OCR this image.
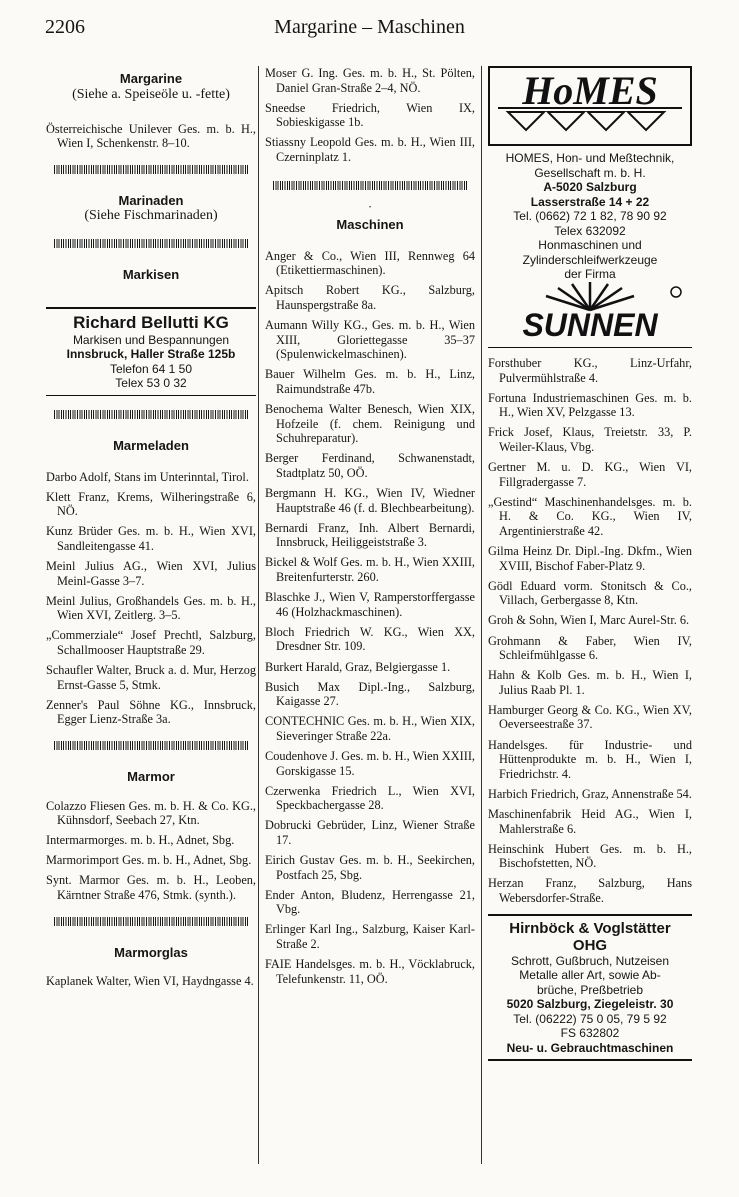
2206	Margarine – Maschinen
Margarine
(Siehe a. Speiseöle u. -fette)
Österreichische Unilever Ges. m. b. H., Wien I, Schenkenstr. 8–10.
Marinaden
(Siehe Fischmarinaden)
Markisen
Richard Bellutti KG
Markisen und Bespannungen
Innsbruck, Haller Straße 125b
Telefon 64 1 50
Telex 53 0 32
Marmeladen
Darbo Adolf, Stans im Unterinntal, Tirol.
Klett Franz, Krems, Wilheringstraße 6, NÖ.
Kunz Brüder Ges. m. b. H., Wien XVI, Sandleitengasse 41.
Meinl Julius AG., Wien XVI, Julius Meinl-Gasse 3–7.
Meinl Julius, Großhandels Ges. m. b. H., Wien XVI, Zeitlerg. 3–5.
„Commerziale“ Josef Prechtl, Salzburg, Schallmooser Hauptstraße 29.
Schaufler Walter, Bruck a. d. Mur, Herzog Ernst-Gasse 5, Stmk.
Zenner's Paul Söhne KG., Innsbruck, Egger Lienz-Straße 3a.
Marmor
Colazzo Fliesen Ges. m. b. H. & Co. KG., Kühnsdorf, Seebach 27, Ktn.
Intermarmorges. m. b. H., Adnet, Sbg.
Marmorimport Ges. m. b. H., Adnet, Sbg.
Synt. Marmor Ges. m. b. H., Leoben, Kärntner Straße 476, Stmk. (synth.).
Marmorglas
Kaplanek Walter, Wien VI, Haydngasse 4.
Moser G. Ing. Ges. m. b. H., St. Pölten, Daniel Gran-Straße 2–4, NÖ.
Sneedse Friedrich, Wien IX, Sobieskigasse 1b.
Stiassny Leopold Ges. m. b. H., Wien III, Czerninplatz 1.
·
Maschinen
Anger & Co., Wien III, Rennweg 64 (Etikettiermaschinen).
Apitsch Robert KG., Salzburg, Haunspergstraße 8a.
Aumann Willy KG., Ges. m. b. H., Wien XIII, Gloriettegasse 35–37 (Spulenwickelmaschinen).
Bauer Wilhelm Ges. m. b. H., Linz, Raimundstraße 47b.
Benochema Walter Benesch, Wien XIX, Hofzeile (f. chem. Reinigung und Schuhreparatur).
Berger Ferdinand, Schwanenstadt, Stadtplatz 50, OÖ.
Bergmann H. KG., Wien IV, Wiedner Hauptstraße 46 (f. d. Blechbearbeitung).
Bernardi Franz, Inh. Albert Bernardi, Innsbruck, Heiliggeiststraße 3.
Bickel & Wolf Ges. m. b. H., Wien XXIII, Breitenfurterstr. 260.
Blaschke J., Wien V, Ramperstorffergasse 46 (Holzhackmaschinen).
Bloch Friedrich W. KG., Wien XX, Dresdner Str. 109.
Burkert Harald, Graz, Belgiergasse 1.
Busich Max Dipl.-Ing., Salzburg, Kaigasse 27.
CONTECHNIC Ges. m. b. H., Wien XIX, Sieveringer Straße 22a.
Coudenhove J. Ges. m. b. H., Wien XXIII, Gorskigasse 15.
Czerwenka Friedrich L., Wien XVI, Speckbachergasse 28.
Dobrucki Gebrüder, Linz, Wiener Straße 17.
Eirich Gustav Ges. m. b. H., Seekirchen, Postfach 25, Sbg.
Ender Anton, Bludenz, Herrengasse 21, Vbg.
Erlinger Karl Ing., Salzburg, Kaiser Karl-Straße 2.
FAIE Handelsges. m. b. H., Vöcklabruck, Telefunkenstr. 11, OÖ.
HoMES
HOMES, Hon- und Meßtechnik,
Gesellschaft m. b. H.
A-5020 Salzburg
Lasserstraße 14 + 22
Tel. (0662) 72 1 82, 78 90 92
Telex 632092
Honmaschinen und
Zylinderschleifwerkzeuge
der Firma
SUNNEN
Forsthuber KG., Linz-Urfahr, Pulvermühlstraße 4.
Fortuna Industriemaschinen Ges. m. b. H., Wien XV, Pelzgasse 13.
Frick Josef, Klaus, Treietstr. 33, P. Weiler-Klaus, Vbg.
Gertner M. u. D. KG., Wien VI, Fillgradergasse 7.
„Gestind“ Maschinenhandelsges. m. b. H. & Co. KG., Wien IV, Argentinierstraße 42.
Gilma Heinz Dr. Dipl.-Ing. Dkfm., Wien XVIII, Bischof Faber-Platz 9.
Gödl Eduard vorm. Stonitsch & Co., Villach, Gerbergasse 8, Ktn.
Groh & Sohn, Wien I, Marc Aurel-Str. 6.
Grohmann & Faber, Wien IV, Schleifmühlgasse 6.
Hahn & Kolb Ges. m. b. H., Wien I, Julius Raab Pl. 1.
Hamburger Georg & Co. KG., Wien XV, Oeverseestraße 37.
Handelsges. für Industrie- und Hüttenprodukte m. b. H., Wien I, Friedrichstr. 4.
Harbich Friedrich, Graz, Annenstraße 54.
Maschinenfabrik Heid AG., Wien I, Mahlerstraße 6.
Heinschink Hubert Ges. m. b. H., Bischofstetten, NÖ.
Herzan Franz, Salzburg, Hans Webersdorfer-Straße.
Hirnböck & Voglstätter
OHG
Schrott, Gußbruch, Nutzeisen
Metalle aller Art, sowie Ab-
brüche, Preßbetrieb
5020 Salzburg, Ziegeleistr. 30
Tel. (06222) 75 0 05, 79 5 92
FS 632802
Neu- u. Gebrauchtmaschinen
